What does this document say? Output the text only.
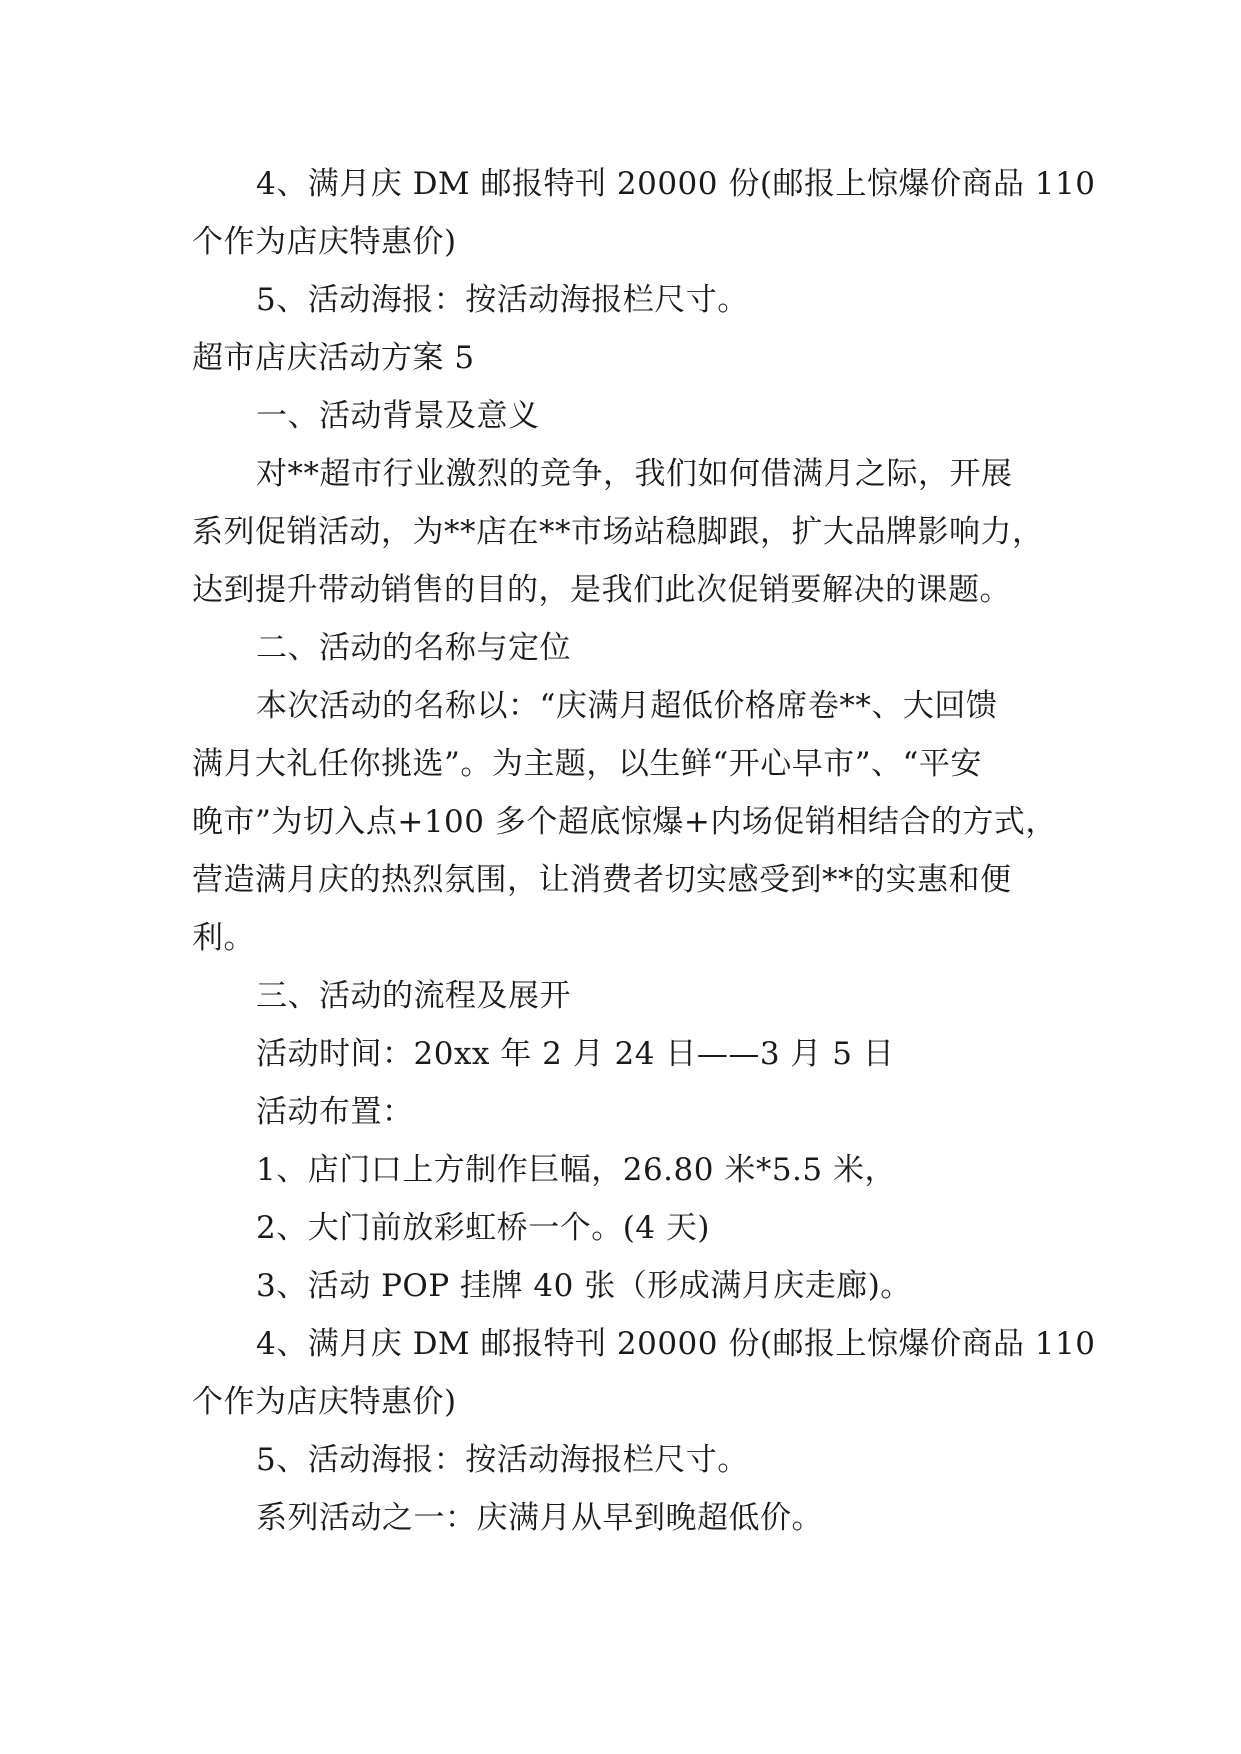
4、满月庆 DM 邮报特刊 20000 份(邮报上惊爆价商品 110
个作为店庆特惠价)
5、活动海报：按活动海报栏尺寸。
超市店庆活动方案 5
一、活动背景及意义
对**超市行业激烈的竞争，我们如何借满月之际，开展
系列促销活动，为**店在**市场站稳脚跟，扩大品牌影响力，
达到提升带动销售的目的，是我们此次促销要解决的课题。
二、活动的名称与定位
本次活动的名称以：“庆满月超低价格席卷**、大回馈
满月大礼任你挑选”。为主题，以生鲜“开心早市”、“平安
晚市”为切入点+100 多个超底惊爆+内场促销相结合的方式，
营造满月庆的热烈氛围，让消费者切实感受到**的实惠和便
利。
三、活动的流程及展开
活动时间：20xx 年 2 月 24 日——3 月 5 日
活动布置：
1、店门口上方制作巨幅，26.80 米*5.5 米，
2、大门前放彩虹桥一个。(4 天)
3、活动 POP 挂牌 40 张（形成满月庆走廊)。
4、满月庆 DM 邮报特刊 20000 份(邮报上惊爆价商品 110
个作为店庆特惠价)
5、活动海报：按活动海报栏尺寸。
系列活动之一：庆满月从早到晚超低价。
